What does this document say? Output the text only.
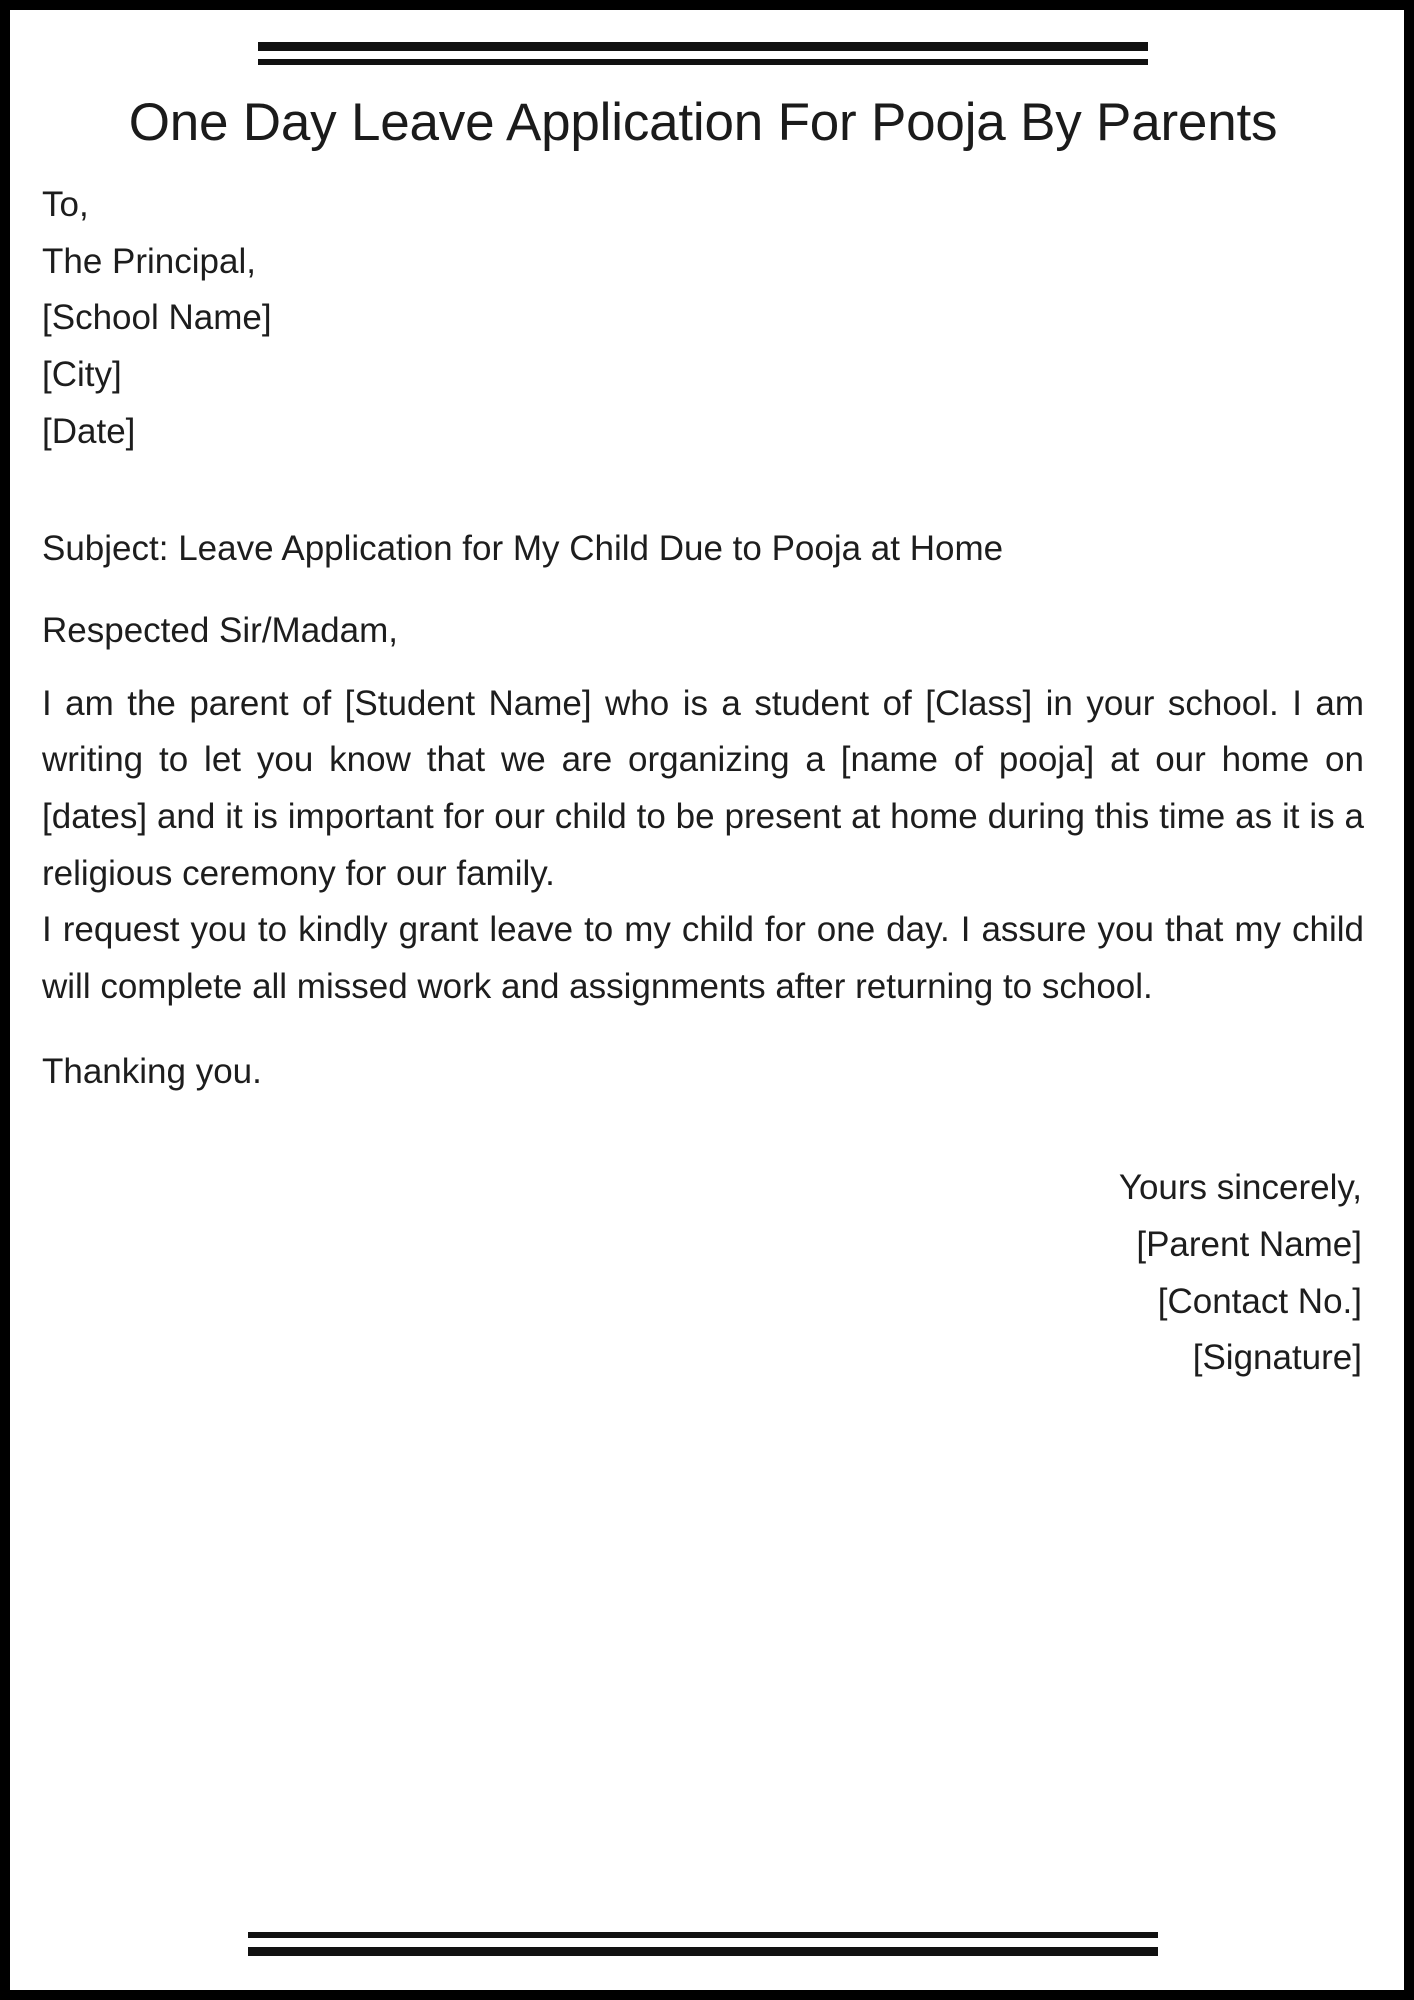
One Day Leave Application For Pooja By Parents
To,
The Principal,
[School Name]
[City]
[Date]
Subject: Leave Application for My Child Due to Pooja at Home
Respected Sir/Madam,

I am the parent of [Student Name] who is a student of [Class] in your school. I am writing to let you know that we are organizing a [name of pooja] at our home on [dates] and it is important for our child to be present at home during this time as it is a religious ceremony for our family.

I request you to kindly grant leave to my child for one day. I assure you that my child will complete all missed work and assignments after returning to school.

Thanking you.
Yours sincerely,
[Parent Name]
[Contact No.]
[Signature]
